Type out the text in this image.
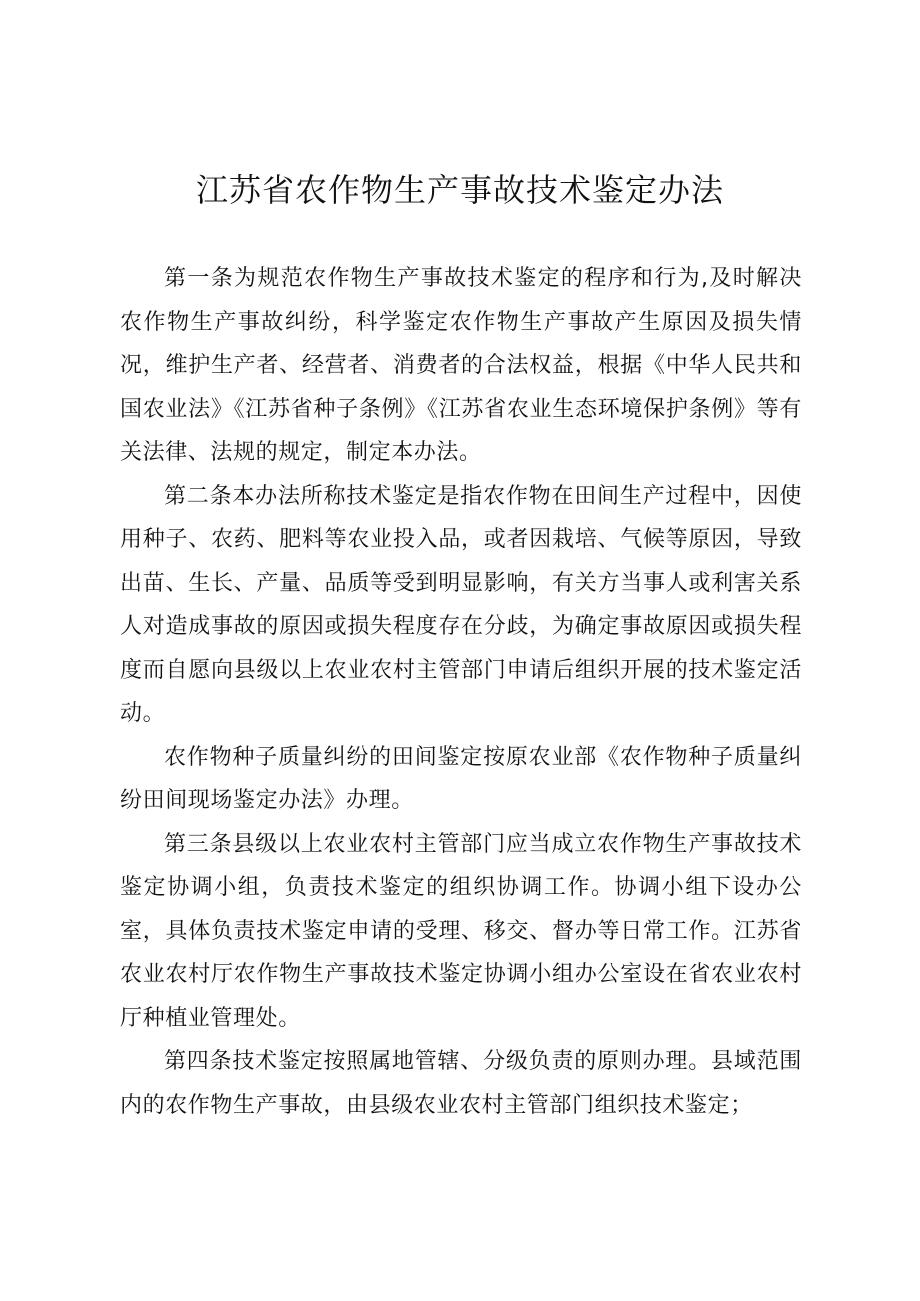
江苏省农作物生产事故技术鉴定办法

第一条为规范农作物生产事故技术鉴定的程序和行为,及时解决农作物生产事故纠纷，科学鉴定农作物生产事故产生原因及损失情况，维护生产者、经营者、消费者的合法权益，根据《中华人民共和国农业法》《江苏省种子条例》《江苏省农业生态环境保护条例》等有关法律、法规的规定，制定本办法。

第二条本办法所称技术鉴定是指农作物在田间生产过程中，因使用种子、农药、肥料等农业投入品，或者因栽培、气候等原因，导致出苗、生长、产量、品质等受到明显影响，有关方当事人或利害关系人对造成事故的原因或损失程度存在分歧，为确定事故原因或损失程度而自愿向县级以上农业农村主管部门申请后组织开展的技术鉴定活动。

农作物种子质量纠纷的田间鉴定按原农业部《农作物种子质量纠纷田间现场鉴定办法》办理。

第三条县级以上农业农村主管部门应当成立农作物生产事故技术鉴定协调小组，负责技术鉴定的组织协调工作。协调小组下设办公室，具体负责技术鉴定申请的受理、移交、督办等日常工作。江苏省农业农村厅农作物生产事故技术鉴定协调小组办公室设在省农业农村厅种植业管理处。

第四条技术鉴定按照属地管辖、分级负责的原则办理。县域范围内的农作物生产事故，由县级农业农村主管部门组织技术鉴定；
